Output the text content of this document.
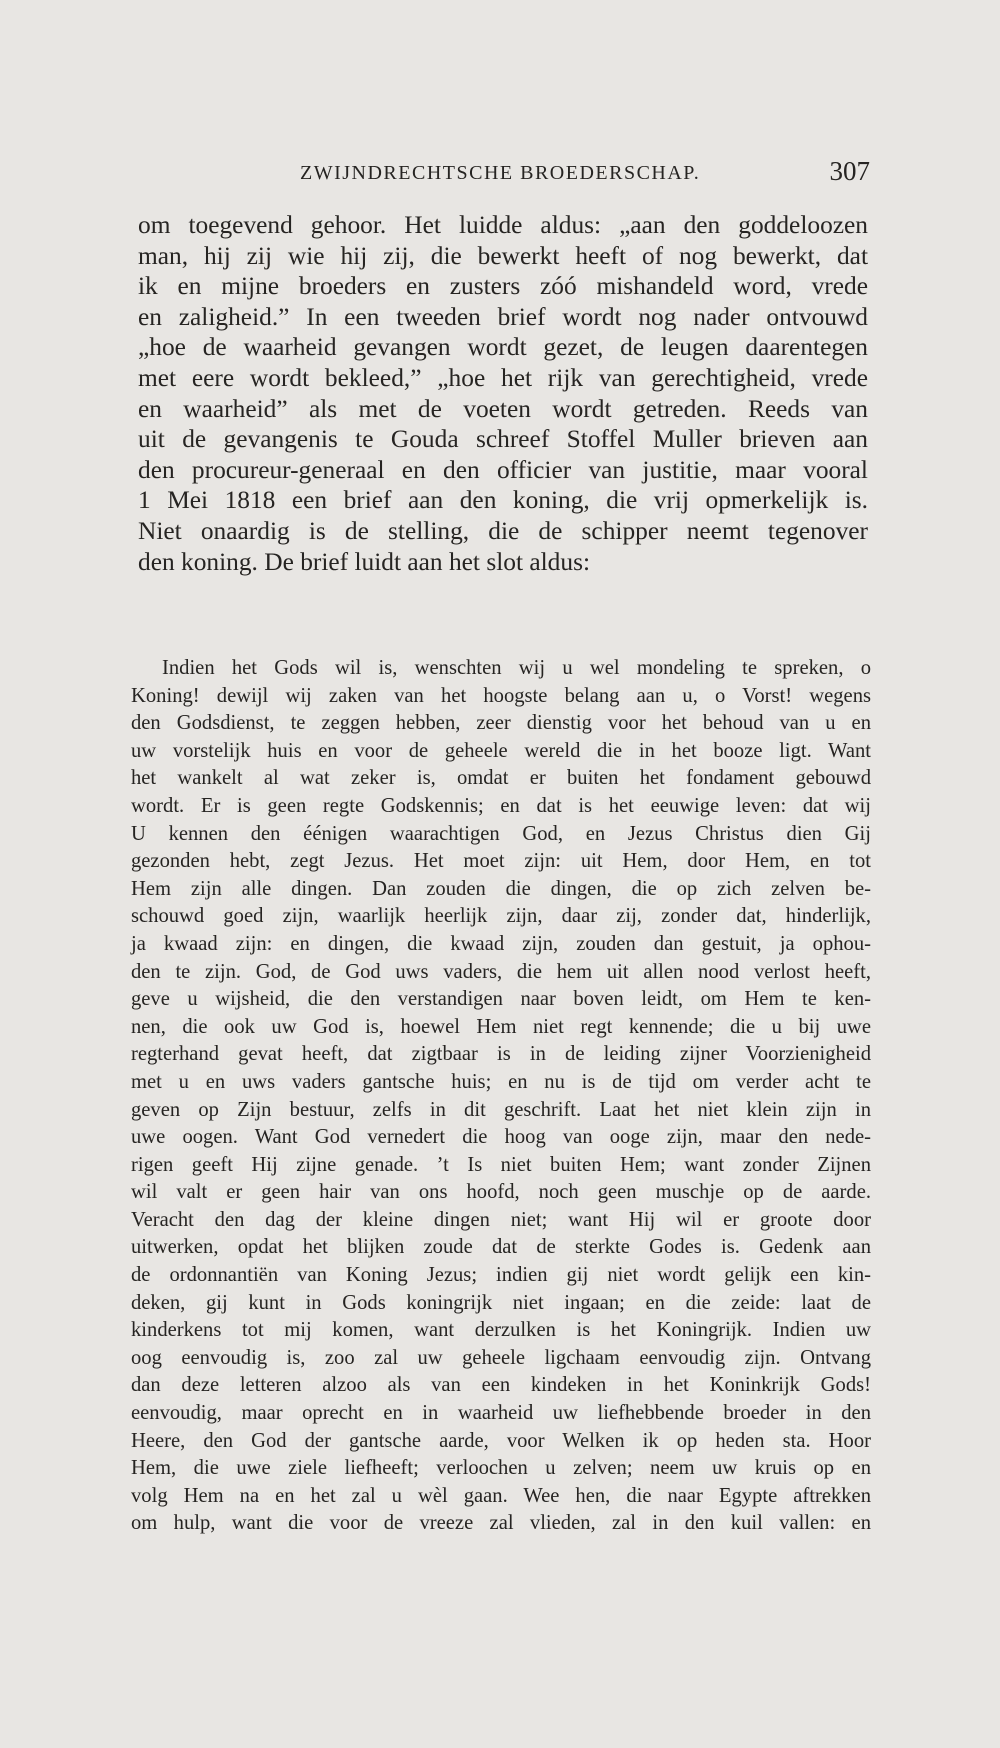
ZWIJNDRECHTSCHE BROEDERSCHAP.	307
om toegevend gehoor. Het luidde aldus: „aan den goddeloozen
man, hij zij wie hij zij, die bewerkt heeft of nog bewerkt, dat
ik en mijne broeders en zusters zóó mishandeld word, vrede
en zaligheid.” In een tweeden brief wordt nog nader ontvouwd
„hoe de waarheid gevangen wordt gezet, de leugen daarentegen
met eere wordt bekleed,” „hoe het rijk van gerechtigheid, vrede
en waarheid” als met de voeten wordt getreden. Reeds van
uit de gevangenis te Gouda schreef Stoffel Muller brieven aan
den procureur-generaal en den officier van justitie, maar vooral
1 Mei 1818 een brief aan den koning, die vrij opmerkelijk is.
Niet onaardig is de stelling, die de schipper neemt tegenover
den koning. De brief luidt aan het slot aldus:
Indien het Gods wil is, wenschten wij u wel mondeling te spreken, o
Koning! dewijl wij zaken van het hoogste belang aan u, o Vorst! wegens
den Godsdienst, te zeggen hebben, zeer dienstig voor het behoud van u en
uw vorstelijk huis en voor de geheele wereld die in het booze ligt. Want
het wankelt al wat zeker is, omdat er buiten het fondament gebouwd
wordt. Er is geen regte Godskennis; en dat is het eeuwige leven: dat wij
U kennen den éénigen waarachtigen God, en Jezus Christus dien Gij
gezonden hebt, zegt Jezus. Het moet zijn: uit Hem, door Hem, en tot
Hem zijn alle dingen. Dan zouden die dingen, die op zich zelven be-
schouwd goed zijn, waarlijk heerlijk zijn, daar zij, zonder dat, hinderlijk,
ja kwaad zijn: en dingen, die kwaad zijn, zouden dan gestuit, ja ophou-
den te zijn. God, de God uws vaders, die hem uit allen nood verlost heeft,
geve u wijsheid, die den verstandigen naar boven leidt, om Hem te ken-
nen, die ook uw God is, hoewel Hem niet regt kennende; die u bij uwe
regterhand gevat heeft, dat zigtbaar is in de leiding zijner Voorzienigheid
met u en uws vaders gantsche huis; en nu is de tijd om verder acht te
geven op Zijn bestuur, zelfs in dit geschrift. Laat het niet klein zijn in
uwe oogen. Want God vernedert die hoog van ooge zijn, maar den nede-
rigen geeft Hij zijne genade. ’t Is niet buiten Hem; want zonder Zijnen
wil valt er geen hair van ons hoofd, noch geen muschje op de aarde.
Veracht den dag der kleine dingen niet; want Hij wil er groote door
uitwerken, opdat het blijken zoude dat de sterkte Godes is. Gedenk aan
de ordonnantiën van Koning Jezus; indien gij niet wordt gelijk een kin-
deken, gij kunt in Gods koningrijk niet ingaan; en die zeide: laat de
kinderkens tot mij komen, want derzulken is het Koningrijk. Indien uw
oog eenvoudig is, zoo zal uw geheele ligchaam eenvoudig zijn. Ontvang
dan deze letteren alzoo als van een kindeken in het Koninkrijk Gods!
eenvoudig, maar oprecht en in waarheid uw liefhebbende broeder in den
Heere, den God der gantsche aarde, voor Welken ik op heden sta. Hoor
Hem, die uwe ziele liefheeft; verloochen u zelven; neem uw kruis op en
volg Hem na en het zal u wèl gaan. Wee hen, die naar Egypte aftrekken
om hulp, want die voor de vreeze zal vlieden, zal in den kuil vallen: en
